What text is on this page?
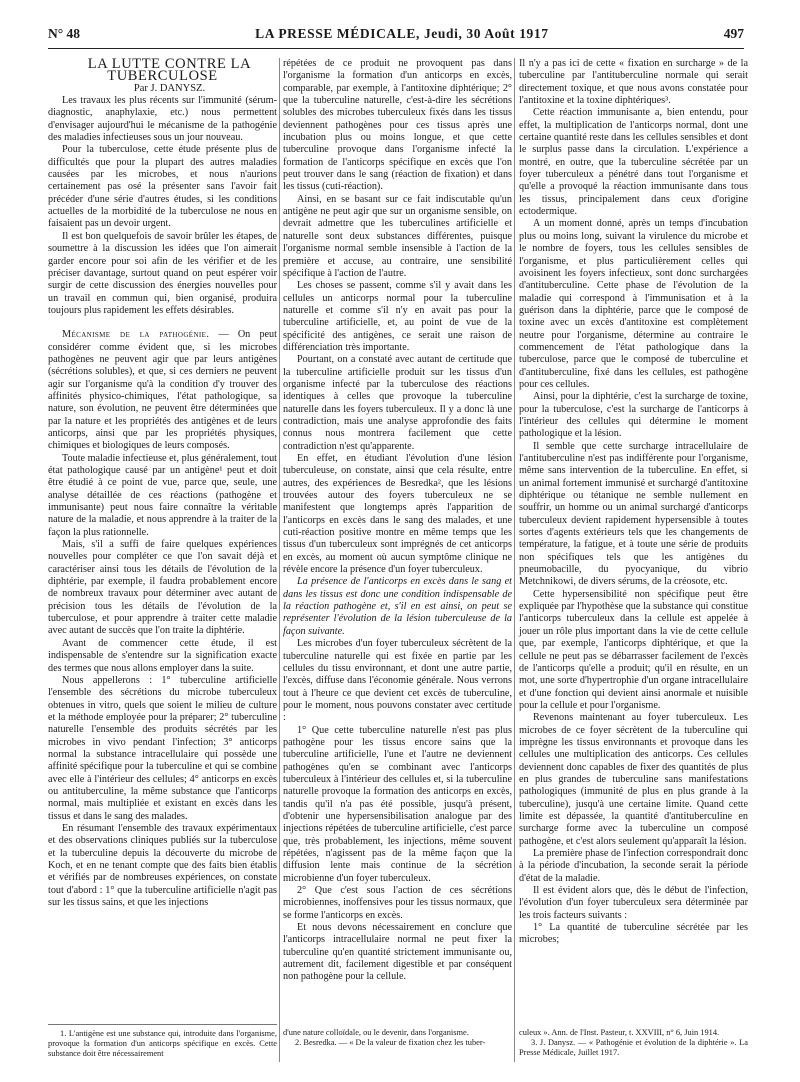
N° 48	LA PRESSE MÉDICALE, Jeudi, 30 Août 1917	497

LA LUTTE CONTRE LA TUBERCULOSE

Par J. DANYSZ.

Les travaux les plus récents sur l'immunité (sérum-diagnostic, anaphylaxie, etc.) nous permettent d'envisager aujourd'hui le mécanisme de la pathogénie des maladies infectieuses sous un jour nouveau.

Pour la tuberculose, cette étude présente plus de difficultés que pour la plupart des autres maladies causées par les microbes, et nous n'aurions certainement pas osé la présenter sans l'avoir fait précéder d'une série d'autres études, si les conditions actuelles de la morbidité de la tuberculose ne nous en faisaient pas un devoir urgent.

Il est bon quelquefois de savoir brûler les étapes, de soumettre à la discussion les idées que l'on aimerait garder encore pour soi afin de les vérifier et de les préciser davantage, surtout quand on peut espérer voir surgir de cette discussion des énergies nouvelles pour un travail en commun qui, bien organisé, produira toujours plus rapidement les effets désirables.

Mécanisme de la pathogénie. — On peut considérer comme évident que, si les microbes pathogènes ne peuvent agir que par leurs antigènes (sécrétions solubles), et que, si ces derniers ne peuvent agir sur l'organisme qu'à la condition d'y trouver des affinités physico-chimiques, l'état pathologique, sa nature, son évolution, ne peuvent être déterminées que par la nature et les propriétés des antigènes et de leurs anticorps, ainsi que par les propriétés physiques, chimiques et biologiques de leurs composés.

Toute maladie infectieuse et, plus généralement, tout état pathologique causé par un antigène¹ peut et doit être étudié à ce point de vue, parce que, seule, une analyse détaillée de ces réactions (pathogène et immunisante) peut nous faire connaître la véritable nature de la maladie, et nous apprendre à la traiter de la façon la plus rationnelle.

Mais, s'il a suffi de faire quelques expériences nouvelles pour compléter ce que l'on savait déjà et caractériser ainsi tous les détails de l'évolution de la diphtérie, par exemple, il faudra probablement encore de nombreux travaux pour déterminer avec autant de précision tous les détails de l'évolution de la tuberculose, et pour apprendre à traiter cette maladie avec autant de succès que l'on traite la diphtérie.

Avant de commencer cette étude, il est indispensable de s'entendre sur la signification exacte des termes que nous allons employer dans la suite.

Nous appellerons : 1° tuberculine artificielle l'ensemble des sécrétions du microbe tuberculeux obtenues in vitro, quels que soient le milieu de culture et la méthode employée pour la préparer; 2° tuberculine naturelle l'ensemble des produits sécrétés par les microbes in vivo pendant l'infection; 3° anticorps normal la substance intracellulaire qui possède une affinité spécifique pour la tuberculine et qui se combine avec elle à l'intérieur des cellules; 4° anticorps en excès ou antituberculine, la même substance que l'anticorps normal, mais multipliée et existant en excès dans les tissus et dans le sang des malades.

En résumant l'ensemble des travaux expérimentaux et des observations cliniques publiés sur la tuberculose et la tuberculine depuis la découverte du microbe de Koch, et en ne tenant compte que des faits bien établis et vérifiés par de nombreuses expériences, on constate tout d'abord : 1° que la tuberculine artificielle n'agit pas sur les tissus sains, et que les injections

répétées de ce produit ne provoquent pas dans l'organisme la formation d'un anticorps en excès, comparable, par exemple, à l'antitoxine diphtérique; 2° que la tuberculine naturelle, c'est-à-dire les sécrétions solubles des microbes tuberculeux fixés dans les tissus deviennent pathogènes pour ces tissus après une incubation plus ou moins longue, et que cette tuberculine provoque dans l'organisme infecté la formation de l'anticorps spécifique en excès que l'on peut trouver dans le sang (réaction de fixation) et dans les tissus (cuti-réaction).

Ainsi, en se basant sur ce fait indiscutable qu'un antigène ne peut agir que sur un organisme sensible, on devrait admettre que les tuberculines artificielle et naturelle sont deux substances différentes, puisque l'organisme normal semble insensible à l'action de la première et accuse, au contraire, une sensibilité spécifique à l'action de l'autre.

Les choses se passent, comme s'il y avait dans les cellules un anticorps normal pour la tuberculine naturelle et comme s'il n'y en avait pas pour la tuberculine artificielle, et, au point de vue de la spécificité des antigènes, ce serait une raison de différenciation très importante.

Pourtant, on a constaté avec autant de certitude que la tuberculine artificielle produit sur les tissus d'un organisme infecté par la tuberculose des réactions identiques à celles que provoque la tuberculine naturelle dans les foyers tuberculeux. Il y a donc là une contradiction, mais une analyse approfondie des faits connus nous montrera facilement que cette contradiction n'est qu'apparente.

En effet, en étudiant l'évolution d'une lésion tuberculeuse, on constate, ainsi que cela résulte, entre autres, des expériences de Besredka², que les lésions trouvées autour des foyers tuberculeux ne se manifestent que longtemps après l'apparition de l'anticorps en excès dans le sang des malades, et une cuti-réaction positive montre en même temps que les tissus d'un tuberculeux sont imprégnés de cet anticorps en excès, au moment où aucun symptôme clinique ne révèle encore la présence d'un foyer tuberculeux.

La présence de l'anticorps en excès dans le sang et dans les tissus est donc une condition indispensable de la réaction pathogène et, s'il en est ainsi, on peut se représenter l'évolution de la lésion tuberculeuse de la façon suivante.

Les microbes d'un foyer tuberculeux sécrètent de la tuberculine naturelle qui est fixée en partie par les cellules du tissu environnant, et dont une autre partie, l'excès, diffuse dans l'économie générale. Nous verrons tout à l'heure ce que devient cet excès de tuberculine, pour le moment, nous pouvons constater avec certitude :

1° Que cette tuberculine naturelle n'est pas plus pathogène pour les tissus encore sains que la tuberculine artificielle, l'une et l'autre ne deviennent pathogènes qu'en se combinant avec l'anticorps tuberculeux à l'intérieur des cellules et, si la tuberculine naturelle provoque la formation des anticorps en excès, tandis qu'il n'a pas été possible, jusqu'à présent, d'obtenir une hypersensibilisation analogue par des injections répétées de tuberculine artificielle, c'est parce que, très probablement, les injections, même souvent répétées, n'agissent pas de la même façon que la diffusion lente mais continue de la sécrétion microbienne d'un foyer tuberculeux.

2° Que c'est sous l'action de ces sécrétions microbiennes, inoffensives pour les tissus normaux, que se forme l'anticorps en excès.

Et nous devons nécessairement en conclure que l'anticorps intracellulaire normal ne peut fixer la tuberculine qu'en quantité strictement immunisante ou, autrement dit, facilement digestible et par conséquent non pathogène pour la cellule.

Il n'y a pas ici de cette « fixation en surcharge » de la tuberculine par l'antituberculine normale qui serait directement toxique, et que nous avons constatée pour l'antitoxine et la toxine diphtériques³.

Cette réaction immunisante a, bien entendu, pour effet, la multiplication de l'anticorps normal, dont une certaine quantité reste dans les cellules sensibles et dont le surplus passe dans la circulation. L'expérience a montré, en outre, que la tuberculine sécrétée par un foyer tuberculeux a pénétré dans tout l'organisme et qu'elle a provoqué la réaction immunisante dans tous les tissus, principalement dans ceux d'origine ectodermique.

A un moment donné, après un temps d'incubation plus ou moins long, suivant la virulence du microbe et le nombre de foyers, tous les cellules sensibles de l'organisme, et plus particulièrement celles qui avoisinent les foyers infectieux, sont donc surchargées d'antituberculine. Cette phase de l'évolution de la maladie qui correspond à l'immunisation et à la guérison dans la diphtérie, parce que le composé de toxine avec un excès d'antitoxine est complètement neutre pour l'organisme, détermine au contraire le commencement de l'état pathologique dans la tuberculose, parce que le composé de tuberculine et d'antituberculine, fixé dans les cellules, est pathogène pour ces cellules.

Ainsi, pour la diphtérie, c'est la surcharge de toxine, pour la tuberculose, c'est la surcharge de l'anticorps à l'intérieur des cellules qui détermine le moment pathologique et la lésion.

Il semble que cette surcharge intracellulaire de l'antituberculine n'est pas indifférente pour l'organisme, même sans intervention de la tuberculine. En effet, si un animal fortement immunisé et surchargé d'antitoxine diphtérique ou tétanique ne semble nullement en souffrir, un homme ou un animal surchargé d'anticorps tuberculeux devient rapidement hypersensible à toutes sortes d'agents extérieurs tels que les changements de température, la fatigue, et à toute une série de produits non spécifiques tels que les antigènes du pneumobacille, du pyocyanique, du vibrio Metchnikowi, de divers sérums, de la créosote, etc.

Cette hypersensibilité non spécifique peut être expliquée par l'hypothèse que la substance qui constitue l'anticorps tuberculeux dans la cellule est appelée à jouer un rôle plus important dans la vie de cette cellule que, par exemple, l'anticorps diphtérique, et que la cellule ne peut pas se débarrasser facilement de l'excès de l'anticorps qu'elle a produit; qu'il en résulte, en un mot, une sorte d'hypertrophie d'un organe intracellulaire et d'une fonction qui devient ainsi anormale et nuisible pour la cellule et pour l'organisme.

Revenons maintenant au foyer tuberculeux. Les microbes de ce foyer sécrètent de la tuberculine qui imprègne les tissus environnants et provoque dans les cellules une multiplication des anticorps. Ces cellules deviennent donc capables de fixer des quantités de plus en plus grandes de tuberculine sans manifestations pathologiques (immunité de plus en plus grande à la tuberculine), jusqu'à une certaine limite. Quand cette limite est dépassée, la quantité d'antituberculine en surcharge forme avec la tuberculine un composé pathogène, et c'est alors seulement qu'apparaît la lésion.

La première phase de l'infection correspondrait donc à la période d'incubation, la seconde serait la période d'état de la maladie.

Il est évident alors que, dès le début de l'infection, l'évolution d'un foyer tuberculeux sera déterminée par les trois facteurs suivants :

1° La quantité de tuberculine sécrétée par les microbes;

1. L'antigène est une substance qui, introduite dans l'organisme, provoque la formation d'un anticorps spécifique en excès. Cette substance doit être nécessairement

d'une nature colloïdale, ou le devenir, dans l'organisme.

2. Besredka. — « De la valeur de fixation chez les tuber-

culeux ». Ann. de l'Inst. Pasteur, t. XXVIII, n° 6, Juin 1914.

3. J. Danysz. — « Pathogénie et évolution de la diphtérie ». La Presse Médicale, Juillet 1917.
